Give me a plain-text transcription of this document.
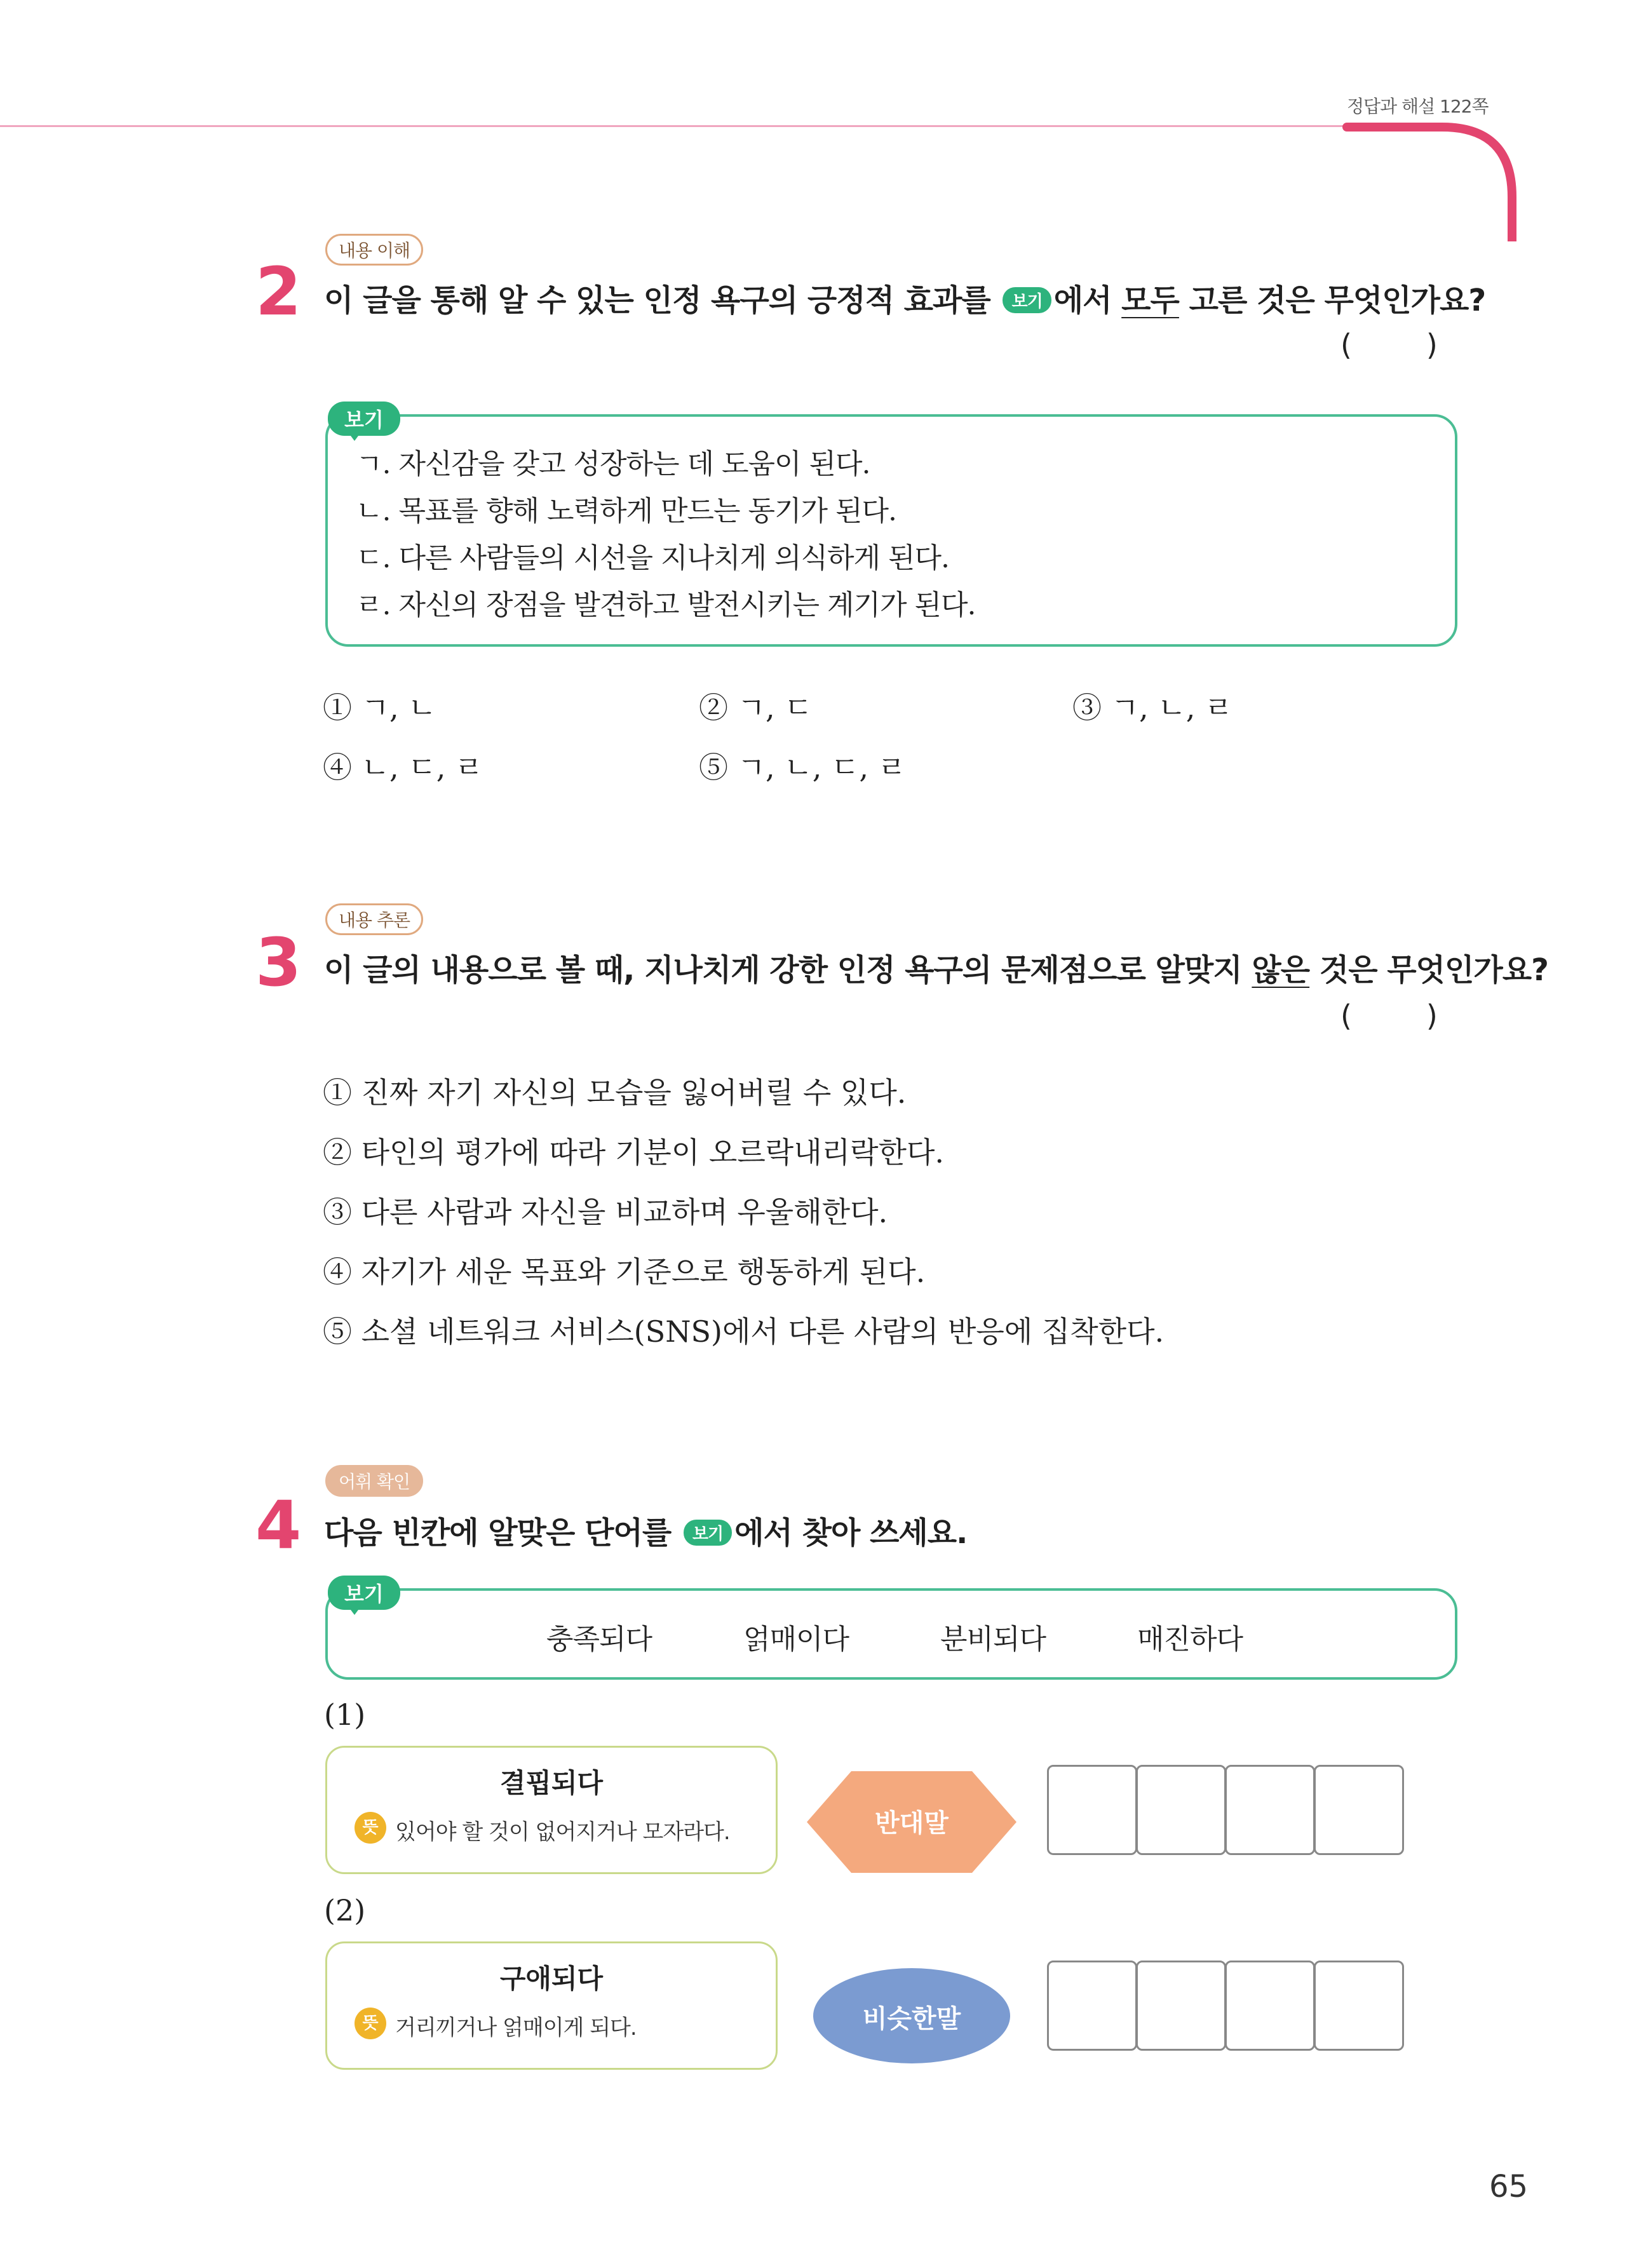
정답과 해설 122쪽
내용 이해
2 이 글을 통해 알 수 있는 인정 욕구의 긍정적 효과를 보기 에서 모두 고른 것은 무엇인가요?
(        )
보기
ㄱ. 자신감을 갖고 성장하는 데 도움이 된다.
ㄴ. 목표를 향해 노력하게 만드는 동기가 된다.
ㄷ. 다른 사람들의 시선을 지나치게 의식하게 된다.
ㄹ. 자신의 장점을 발견하고 발전시키는 계기가 된다.
① ㄱ, ㄴ	② ㄱ, ㄷ	③ ㄱ, ㄴ, ㄹ
④ ㄴ, ㄷ, ㄹ	⑤ ㄱ, ㄴ, ㄷ, ㄹ
내용 추론
3 이 글의 내용으로 볼 때, 지나치게 강한 인정 욕구의 문제점으로 알맞지 않은 것은 무엇인가요?
(        )
① 진짜 자기 자신의 모습을 잃어버릴 수 있다.
② 타인의 평가에 따라 기분이 오르락내리락한다.
③ 다른 사람과 자신을 비교하며 우울해한다.
④ 자기가 세운 목표와 기준으로 행동하게 된다.
⑤ 소셜 네트워크 서비스(SNS)에서 다른 사람의 반응에 집착한다.
어휘 확인
4 다음 빈칸에 알맞은 단어를 보기 에서 찾아 쓰세요.
보기
충족되다	얽매이다	분비되다	매진하다
(1)
결핍되다
뜻 있어야 할 것이 없어지거나 모자라다.	반대말
(2)
구애되다
뜻 거리끼거나 얽매이게 되다.	비슷한말
65
